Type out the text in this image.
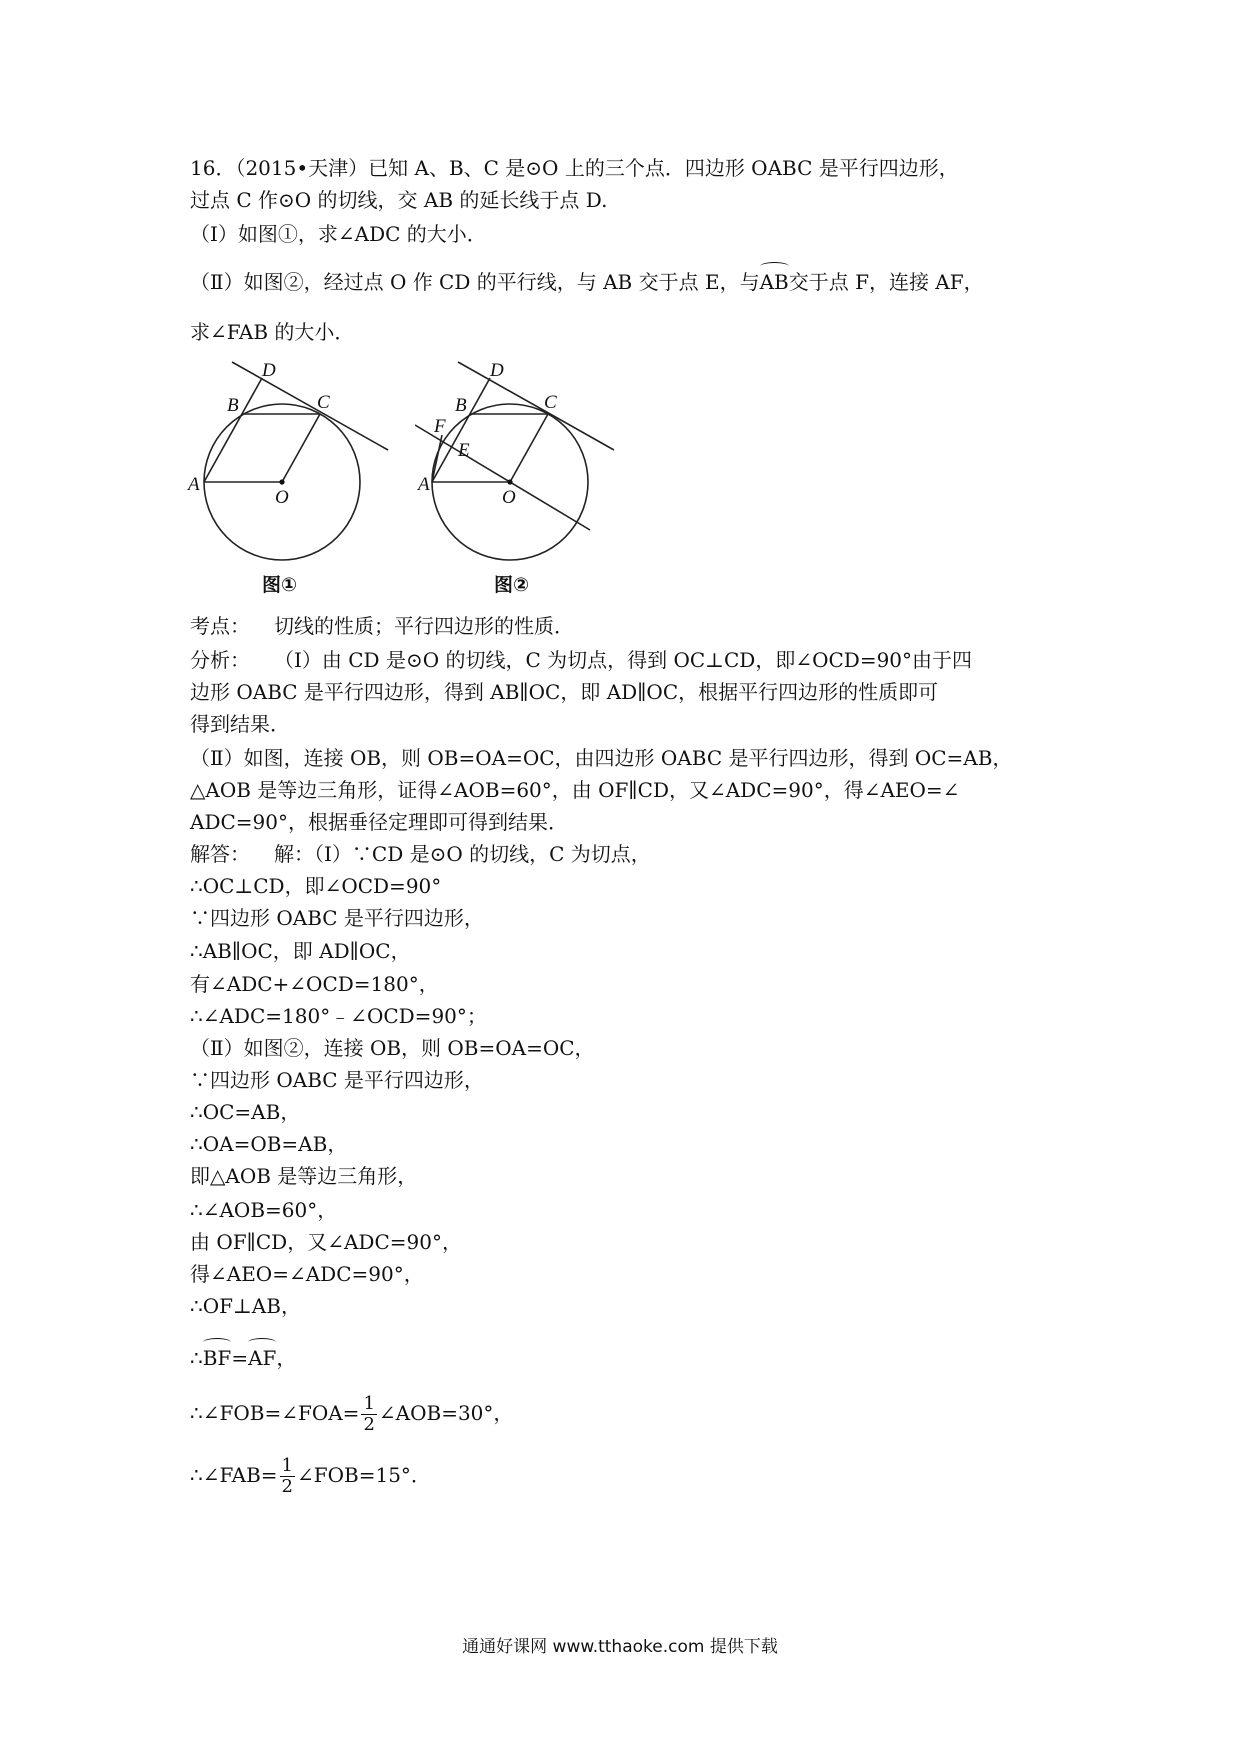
16．（2015•天津）已知 A、B、C 是⊙O 上的三个点．四边形 OABC 是平行四边形，
过点 C 作⊙O 的切线，交 AB 的延长线于点 D.
（Ⅰ）如图①，求∠ADC 的大小．
（Ⅱ）如图②，经过点 O 作 CD 的平行线，与 AB 交于点 E，与AB交于点 F，连接 AF，
求∠FAB 的大小．
D
B	C
A
O
图①
D
B	C
F
E
A
O
图②
考点： 切线的性质；平行四边形的性质．
分析： （Ⅰ）由 CD 是⊙O 的切线，C 为切点，得到 OC⊥CD，即∠OCD=90°由于四
边形 OABC 是平行四边形，得到 AB∥OC，即 AD∥OC，根据平行四边形的性质即可
得到结果．
（Ⅱ）如图，连接 OB，则 OB=OA=OC，由四边形 OABC 是平行四边形，得到 OC=AB，
△AOB 是等边三角形，证得∠AOB=60°，由 OF∥CD，又∠ADC=90°，得∠AEO=∠
ADC=90°，根据垂径定理即可得到结果．
解答： 解：（Ⅰ）∵CD 是⊙O 的切线，C 为切点，
∴OC⊥CD，即∠OCD=90°
∵四边形 OABC 是平行四边形，
∴AB∥OC，即 AD∥OC，
有∠ADC+∠OCD=180°，
∴∠ADC=180°﹣∠OCD=90°；
（Ⅱ）如图②，连接 OB，则 OB=OA=OC，
∵四边形 OABC 是平行四边形，
∴OC=AB，
∴OA=OB=AB，
即△AOB 是等边三角形，
∴∠AOB=60°，
由 OF∥CD，又∠ADC=90°，
得∠AEO=∠ADC=90°，
∴OF⊥AB，
∴BF=AF，
∴∠FOB=∠FOA= $\frac{1}{2}$ ∠AOB=30°，
∴∠FAB= $\frac{1}{2}$ ∠FOB=15°．
通通好课网 www.tthaoke.com 提供下载
